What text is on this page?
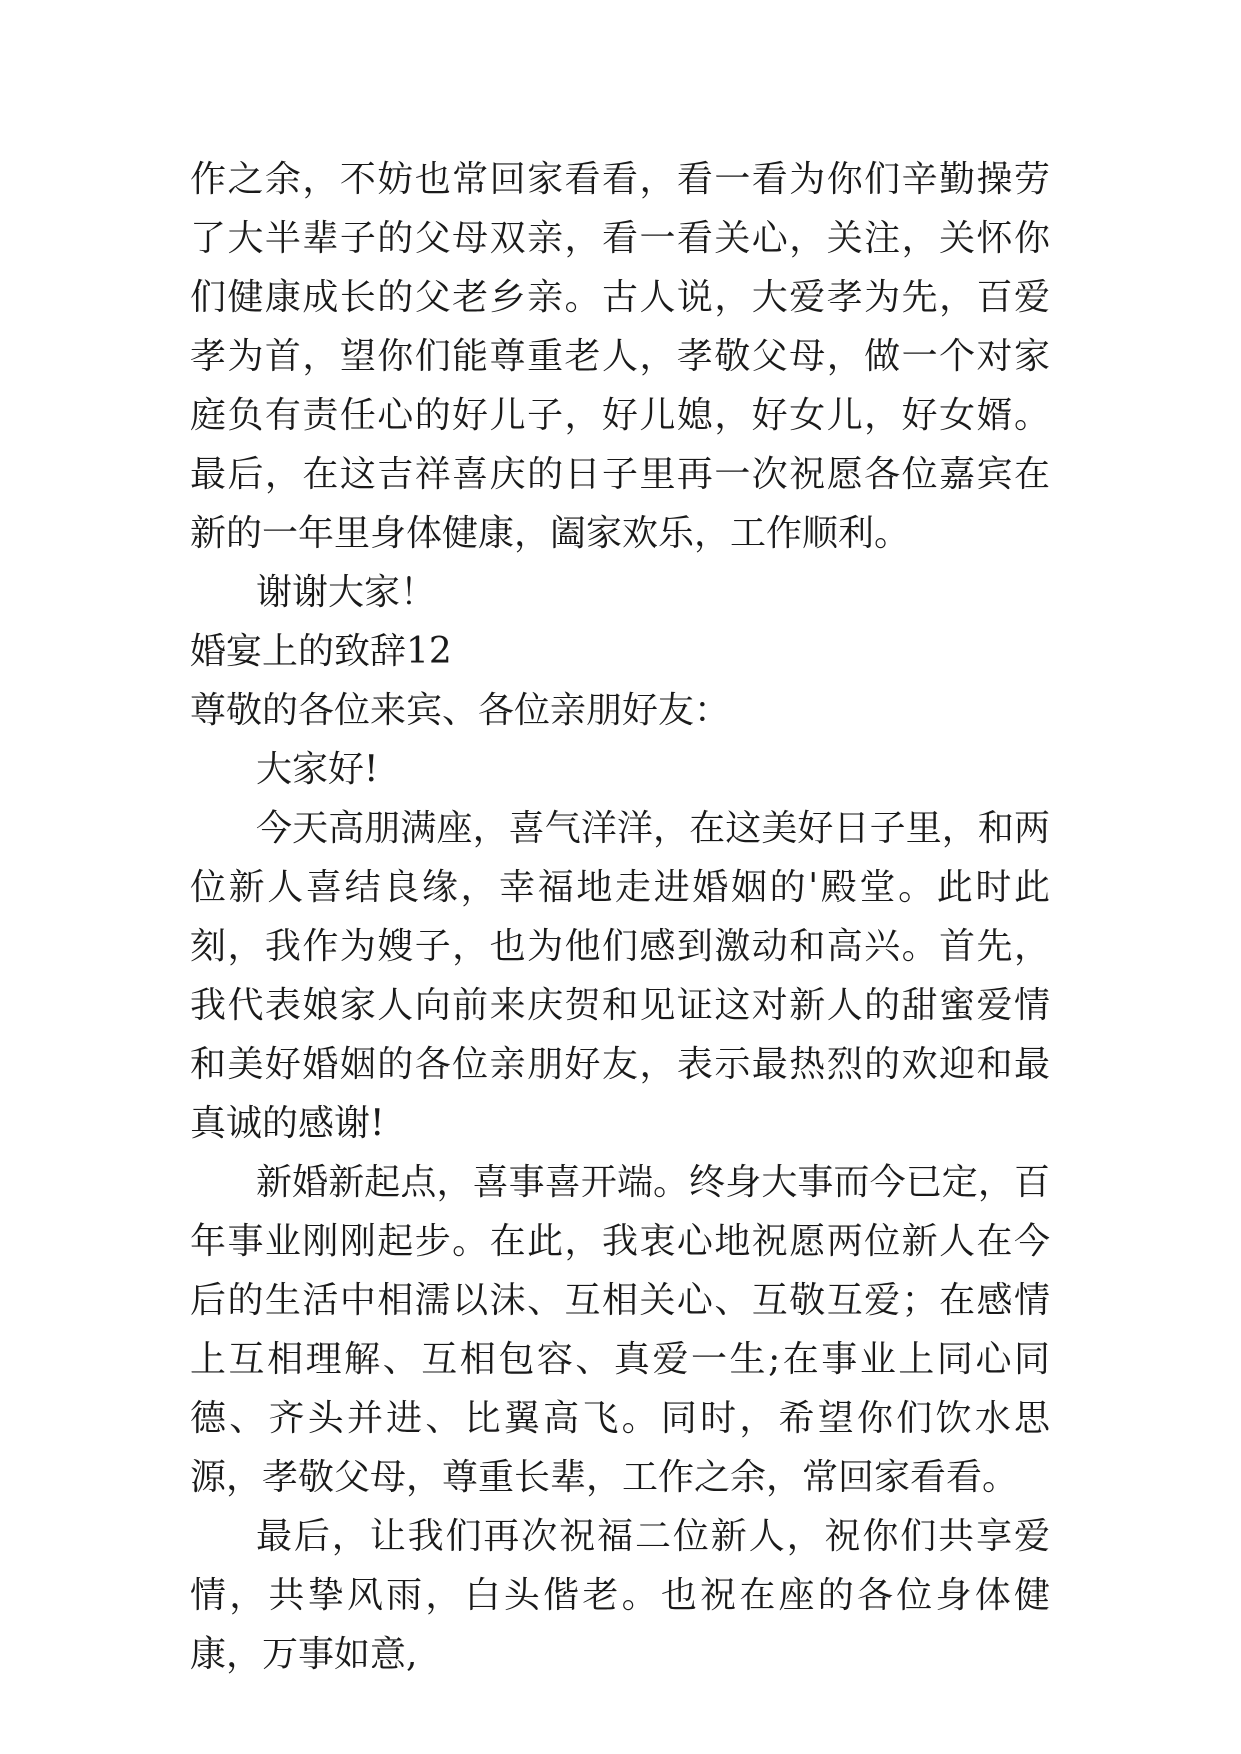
作之余，不妨也常回家看看，看一看为你们辛勤操劳了大半辈子的父母双亲，看一看关心，关注，关怀你们健康成长的父老乡亲。古人说，大爱孝为先，百爱孝为首，望你们能尊重老人，孝敬父母，做一个对家庭负有责任心的好儿子，好儿媳，好女儿，好女婿。最后，在这吉祥喜庆的日子里再一次祝愿各位嘉宾在新的一年里身体健康，阖家欢乐，工作顺利。

谢谢大家！

婚宴上的致辞12

尊敬的各位来宾、各位亲朋好友：

大家好!

今天高朋满座，喜气洋洋，在这美好日子里，和两位新人喜结良缘，幸福地走进婚姻的'殿堂。此时此刻，我作为嫂子，也为他们感到激动和高兴。首先，我代表娘家人向前来庆贺和见证这对新人的甜蜜爱情和美好婚姻的各位亲朋好友，表示最热烈的欢迎和最真诚的感谢!

新婚新起点，喜事喜开端。终身大事而今已定，百年事业刚刚起步。在此，我衷心地祝愿两位新人在今后的生活中相濡以沫、互相关心、互敬互爱；在感情上互相理解、互相包容、真爱一生;在事业上同心同德、齐头并进、比翼高飞。同时，希望你们饮水思源，孝敬父母，尊重长辈，工作之余，常回家看看。

最后，让我们再次祝福二位新人，祝你们共享爱情，共挚风雨，白头偕老。也祝在座的各位身体健康，万事如意,
